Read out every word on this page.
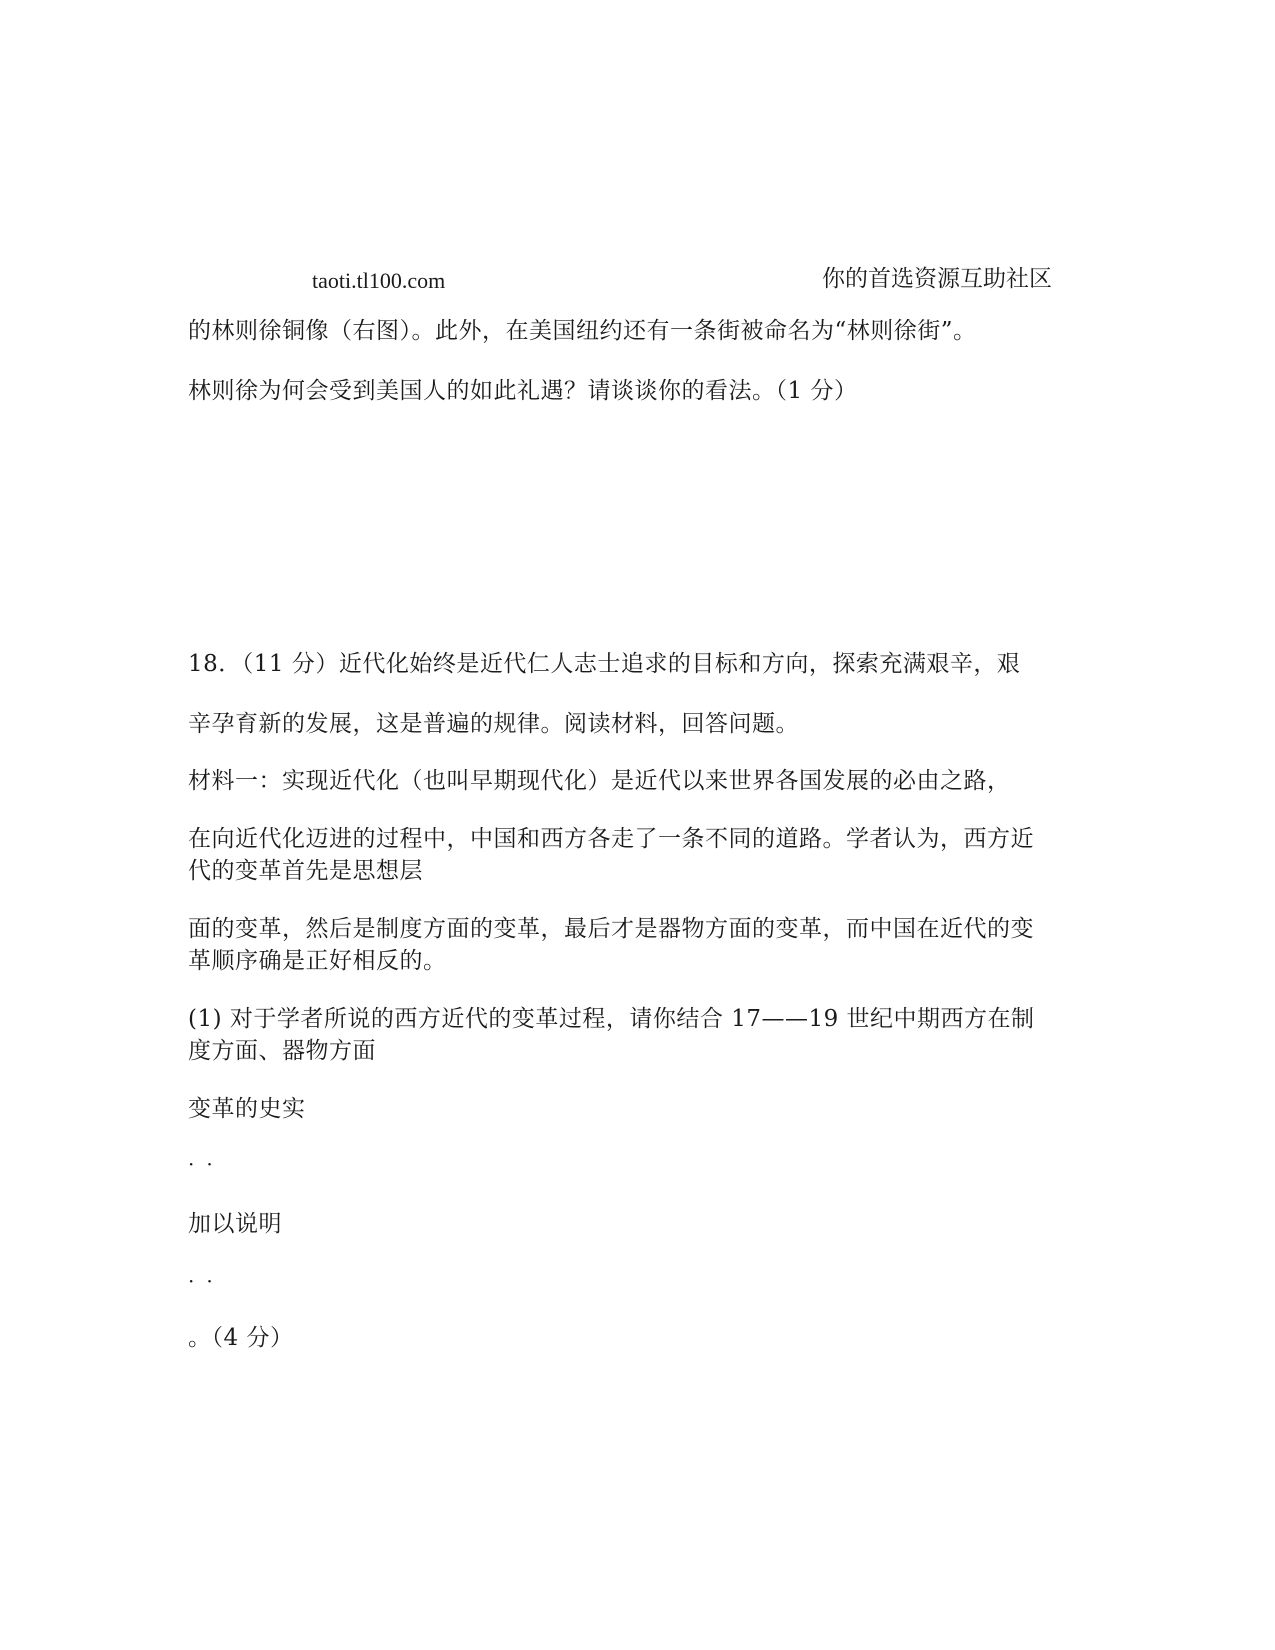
taoti.tl100.com	你的首选资源互助社区
的林则徐铜像（右图）。此外，在美国纽约还有一条街被命名为“林则徐街”。
林则徐为何会受到美国人的如此礼遇？请谈谈你的看法。（1 分）
18．（11 分）近代化始终是近代仁人志士追求的目标和方向，探索充满艰辛，艰
辛孕育新的发展，这是普遍的规律。阅读材料，回答问题。
材料一：实现近代化（也叫早期现代化）是近代以来世界各国发展的必由之路，
在向近代化迈进的过程中，中国和西方各走了一条不同的道路。学者认为，西方近
代的变革首先是思想层
面的变革，然后是制度方面的变革，最后才是器物方面的变革，而中国在近代的变
革顺序确是正好相反的。
(1) 对于学者所说的西方近代的变革过程，请你结合 17——19 世纪中期西方在制
度方面、器物方面
变革的史实
··
加以说明
··
。（4 分）
